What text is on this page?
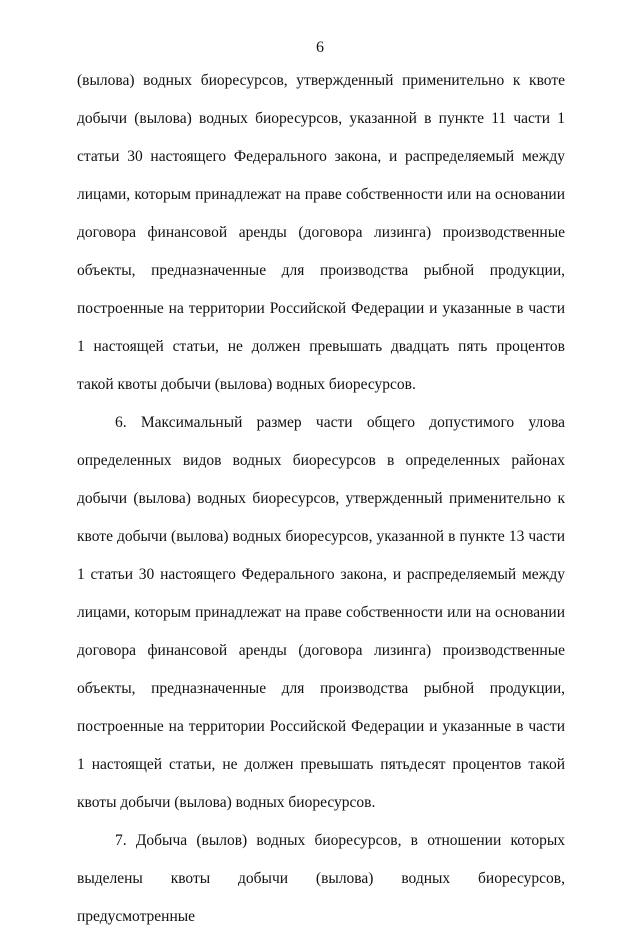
6

(вылова) водных биоресурсов, утвержденный применительно к квоте добычи (вылова) водных биоресурсов, указанной в пункте 11 части 1 статьи 30 настоящего Федерального закона, и распределяемый между лицами, которым принадлежат на праве собственности или на основании договора финансовой аренды (договора лизинга) производственные объекты, предназначенные для производства рыбной продукции, построенные на территории Российской Федерации и указанные в части 1 настоящей статьи, не должен превышать двадцать пять процентов такой квоты добычи (вылова) водных биоресурсов.

6. Максимальный размер части общего допустимого улова определенных видов водных биоресурсов в определенных районах добычи (вылова) водных биоресурсов, утвержденный применительно к квоте добычи (вылова) водных биоресурсов, указанной в пункте 13 части 1 статьи 30 настоящего Федерального закона, и распределяемый между лицами, которым принадлежат на праве собственности или на основании договора финансовой аренды (договора лизинга) производственные объекты, предназначенные для производства рыбной продукции, построенные на территории Российской Федерации и указанные в части 1 настоящей статьи, не должен превышать пятьдесят процентов такой квоты добычи (вылова) водных биоресурсов.

7. Добыча (вылов) водных биоресурсов, в отношении которых выделены квоты добычи (вылова) водных биоресурсов, предусмотренные
